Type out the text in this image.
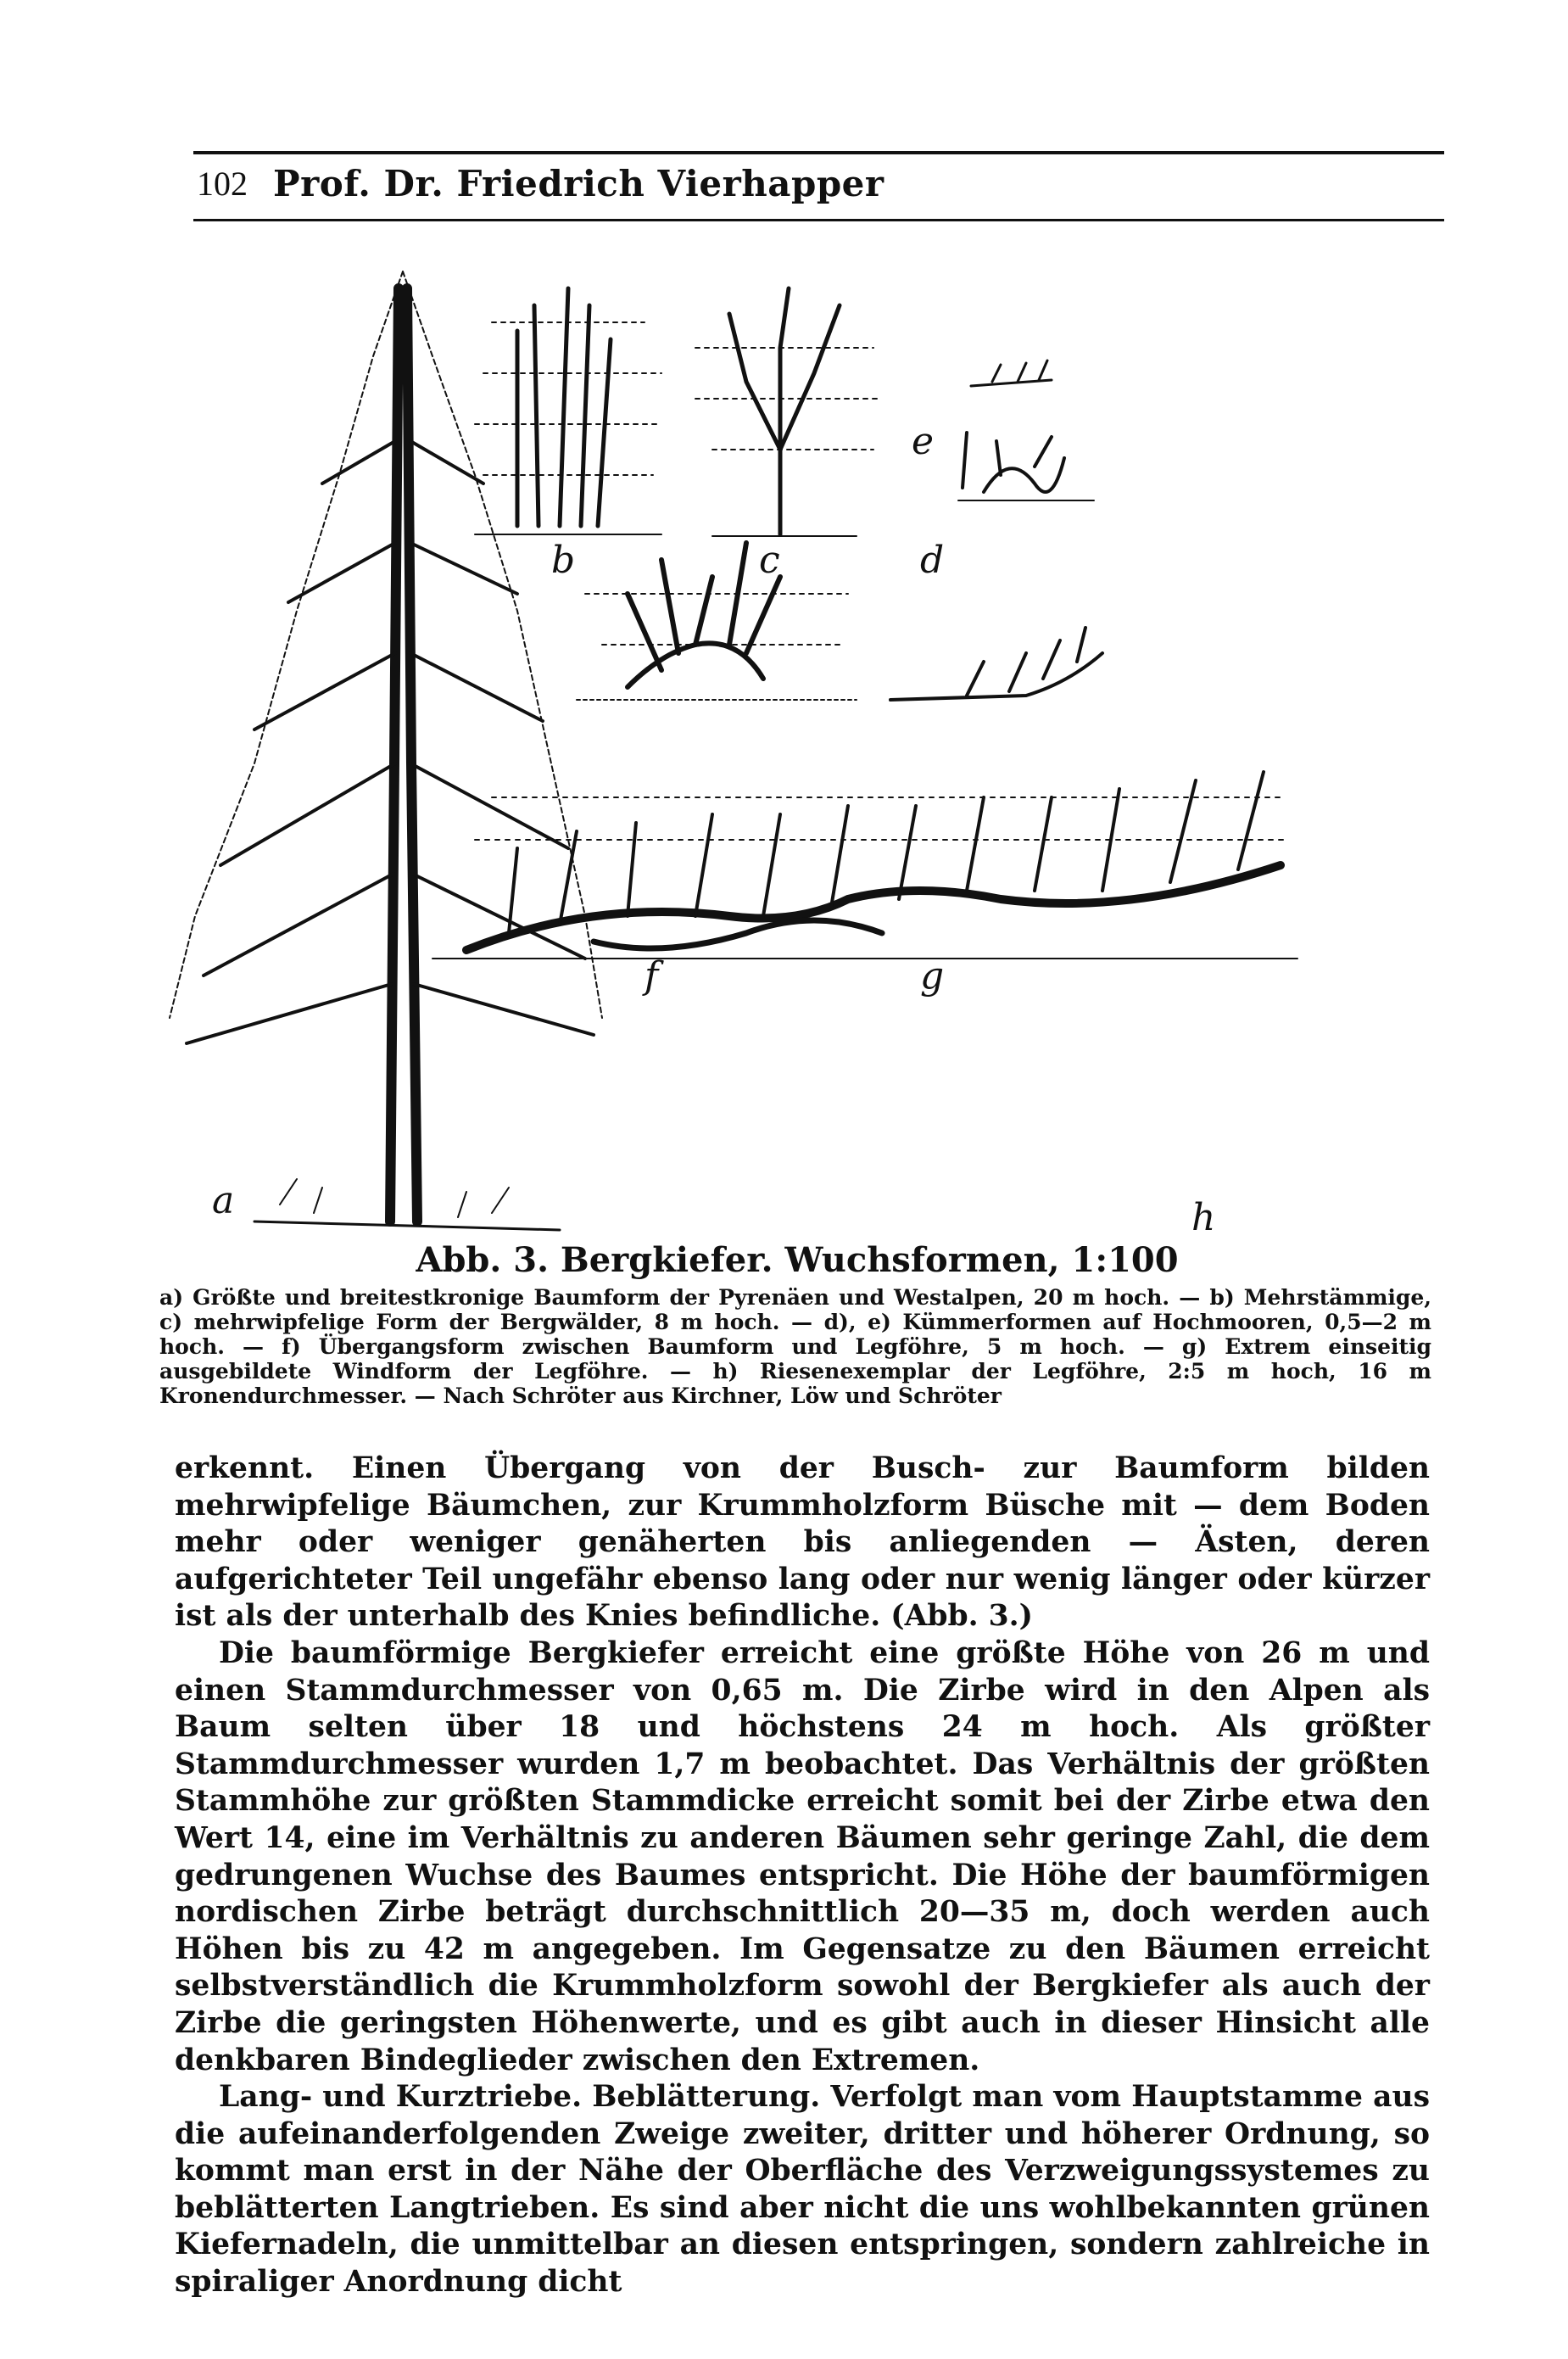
102 Prof. Dr. Friedrich Vierhapper
a
b	c	d
e
f	g
h
Abb. 3. Bergkiefer. Wuchsformen, 1:100
a) Größte und breitestkronige Baumform der Pyrenäen und Westalpen, 20 m hoch. — b) Mehrstämmige, c) mehrwipfelige Form der Bergwälder, 8 m hoch. — d), e) Kümmerformen auf Hochmooren, 0,5—2 m hoch. — f) Übergangsform zwischen Baumform und Legföhre, 5 m hoch. — g) Extrem einseitig ausgebildete Windform der Legföhre. — h) Riesenexemplar der Legföhre, 2:5 m hoch, 16 m Kronendurchmesser. — Nach Schröter aus Kirchner, Löw und Schröter

erkennt. Einen Übergang von der Busch- zur Baumform bilden mehrwipfelige Bäumchen, zur Krummholzform Büsche mit — dem Boden mehr oder weniger genäherten bis anliegenden — Ästen, deren aufgerichteter Teil ungefähr ebenso lang oder nur wenig länger oder kürzer ist als der unterhalb des Knies befindliche. (Abb. 3.)

Die baumförmige Bergkiefer erreicht eine größte Höhe von 26 m und einen Stammdurchmesser von 0,65 m. Die Zirbe wird in den Alpen als Baum selten über 18 und höchstens 24 m hoch. Als größter Stammdurchmesser wurden 1,7 m beobachtet. Das Verhältnis der größten Stammhöhe zur größten Stammdicke erreicht somit bei der Zirbe etwa den Wert 14, eine im Verhältnis zu anderen Bäumen sehr geringe Zahl, die dem gedrungenen Wuchse des Baumes entspricht. Die Höhe der baumförmigen nordischen Zirbe beträgt durchschnittlich 20—35 m, doch werden auch Höhen bis zu 42 m angegeben. Im Gegensatze zu den Bäumen erreicht selbstverständlich die Krummholzform sowohl der Bergkiefer als auch der Zirbe die geringsten Höhenwerte, und es gibt auch in dieser Hinsicht alle denkbaren Bindeglieder zwischen den Extremen.

Lang- und Kurztriebe. Beblätterung. Verfolgt man vom Hauptstamme aus die aufeinanderfolgenden Zweige zweiter, dritter und höherer Ordnung, so kommt man erst in der Nähe der Oberfläche des Verzweigungssystemes zu beblätterten Langtrieben. Es sind aber nicht die uns wohlbekannten grünen Kiefernadeln, die unmittelbar an diesen entspringen, sondern zahlreiche in spiraliger Anordnung dicht
